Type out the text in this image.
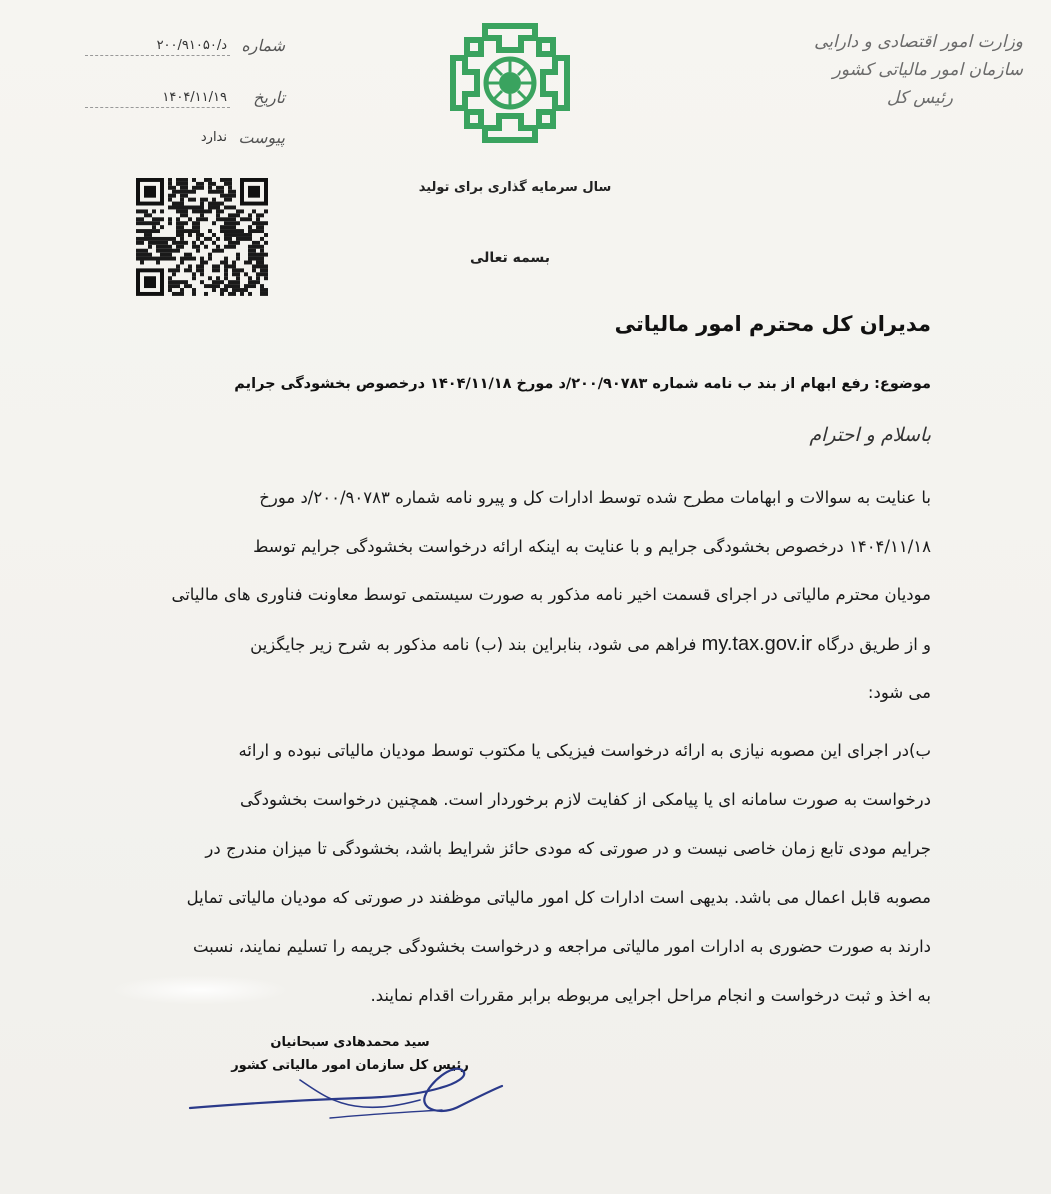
وزارت امور اقتصادی و دارایی
سازمان امور مالیاتی کشور
رئیس کل
سال سرمایه گذاری برای تولید
بسمه تعالی
شماره
د/۲۰۰/۹۱۰۵۰
تاریخ
۱۴۰۴/۱۱/۱۹
پیوست
ندارد
مدیران کل محترم امور مالیاتی
موضوع: رفع ابهام از بند ب نامه شماره ۲۰۰/۹۰۷۸۳/د مورخ ۱۴۰۴/۱۱/۱۸ درخصوص بخشودگی جرایم
باسلام و احترام
با عنایت به سوالات و ابهامات مطرح شده توسط ادارات کل و پیرو نامه شماره ۲۰۰/۹۰۷۸۳/د مورخ
۱۴۰۴/۱۱/۱۸ درخصوص بخشودگی جرایم و با عنایت به اینکه ارائه درخواست بخشودگی جرایم توسط
مودیان محترم مالیاتی در اجرای قسمت اخیر نامه مذکور به صورت سیستمی توسط معاونت فناوری های مالیاتی
و از طریق درگاه my.tax.gov.ir فراهم می شود، بنابراین بند (ب) نامه مذکور به شرح زیر جایگزین
می شود:
ب)در اجرای این مصوبه نیازی به ارائه درخواست فیزیکی یا مکتوب توسط مودیان مالیاتی نبوده و ارائه
درخواست به صورت سامانه ای یا پیامکی از کفایت لازم برخوردار است. همچنین درخواست بخشودگی
جرایم مودی تابع زمان خاصی نیست و در صورتی که مودی حائز شرایط باشد، بخشودگی تا میزان مندرج در
مصوبه قابل اعمال می باشد. بدیهی است ادارات کل امور مالیاتی موظفند در صورتی که مودیان مالیاتی تمایل
دارند به صورت حضوری به ادارات امور مالیاتی مراجعه و درخواست بخشودگی جریمه را تسلیم نمایند، نسبت
به اخذ و ثبت درخواست و انجام مراحل اجرایی مربوطه برابر مقررات اقدام نمایند.
سید محمدهادی سبحانیان
رئیس کل سازمان امور مالیاتی کشور
